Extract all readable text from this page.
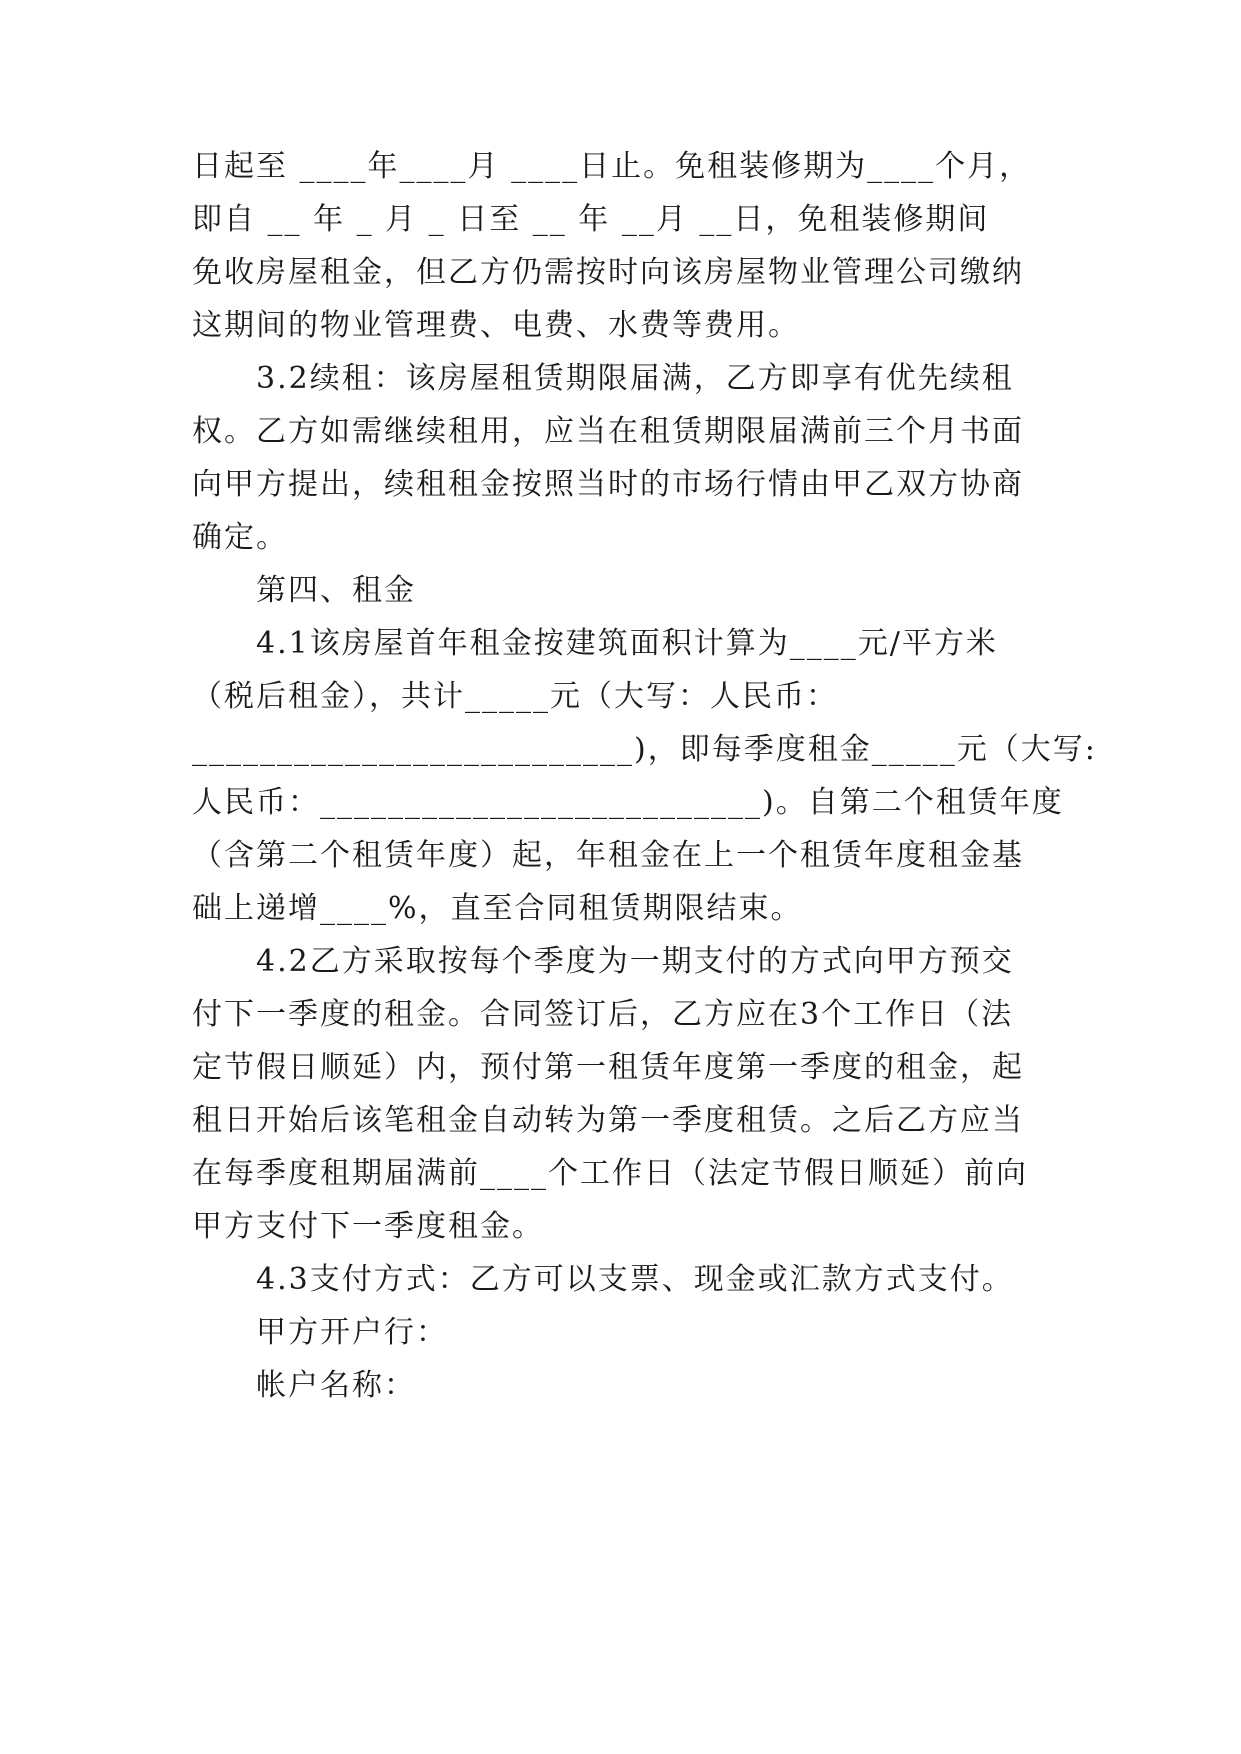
日起至 ____年____月 ____日止。免租装修期为____个月，
即自 __ 年 _ 月 _ 日至 __ 年 __月 __日，免租装修期间
免收房屋租金，但乙方仍需按时向该房屋物业管理公司缴纳
这期间的物业管理费、电费、水费等费用。
3.2续租：该房屋租赁期限届满，乙方即享有优先续租
权。乙方如需继续租用，应当在租赁期限届满前三个月书面
向甲方提出，续租租金按照当时的市场行情由甲乙双方协商
确定。
第四、租金
4.1该房屋首年租金按建筑面积计算为____元/平方米
（税后租金），共计_____元（大写：人民币：
__________________________)，即每季度租金_____元（大写:
人民币：__________________________)。自第二个租赁年度
（含第二个租赁年度）起，年租金在上一个租赁年度租金基
础上递增____%，直至合同租赁期限结束。
4.2乙方采取按每个季度为一期支付的方式向甲方预交
付下一季度的租金。合同签订后，乙方应在3个工作日（法
定节假日顺延）内，预付第一租赁年度第一季度的租金，起
租日开始后该笔租金自动转为第一季度租赁。之后乙方应当
在每季度租期届满前____个工作日（法定节假日顺延）前向
甲方支付下一季度租金。
4.3支付方式：乙方可以支票、现金或汇款方式支付。
甲方开户行：
帐户名称：
